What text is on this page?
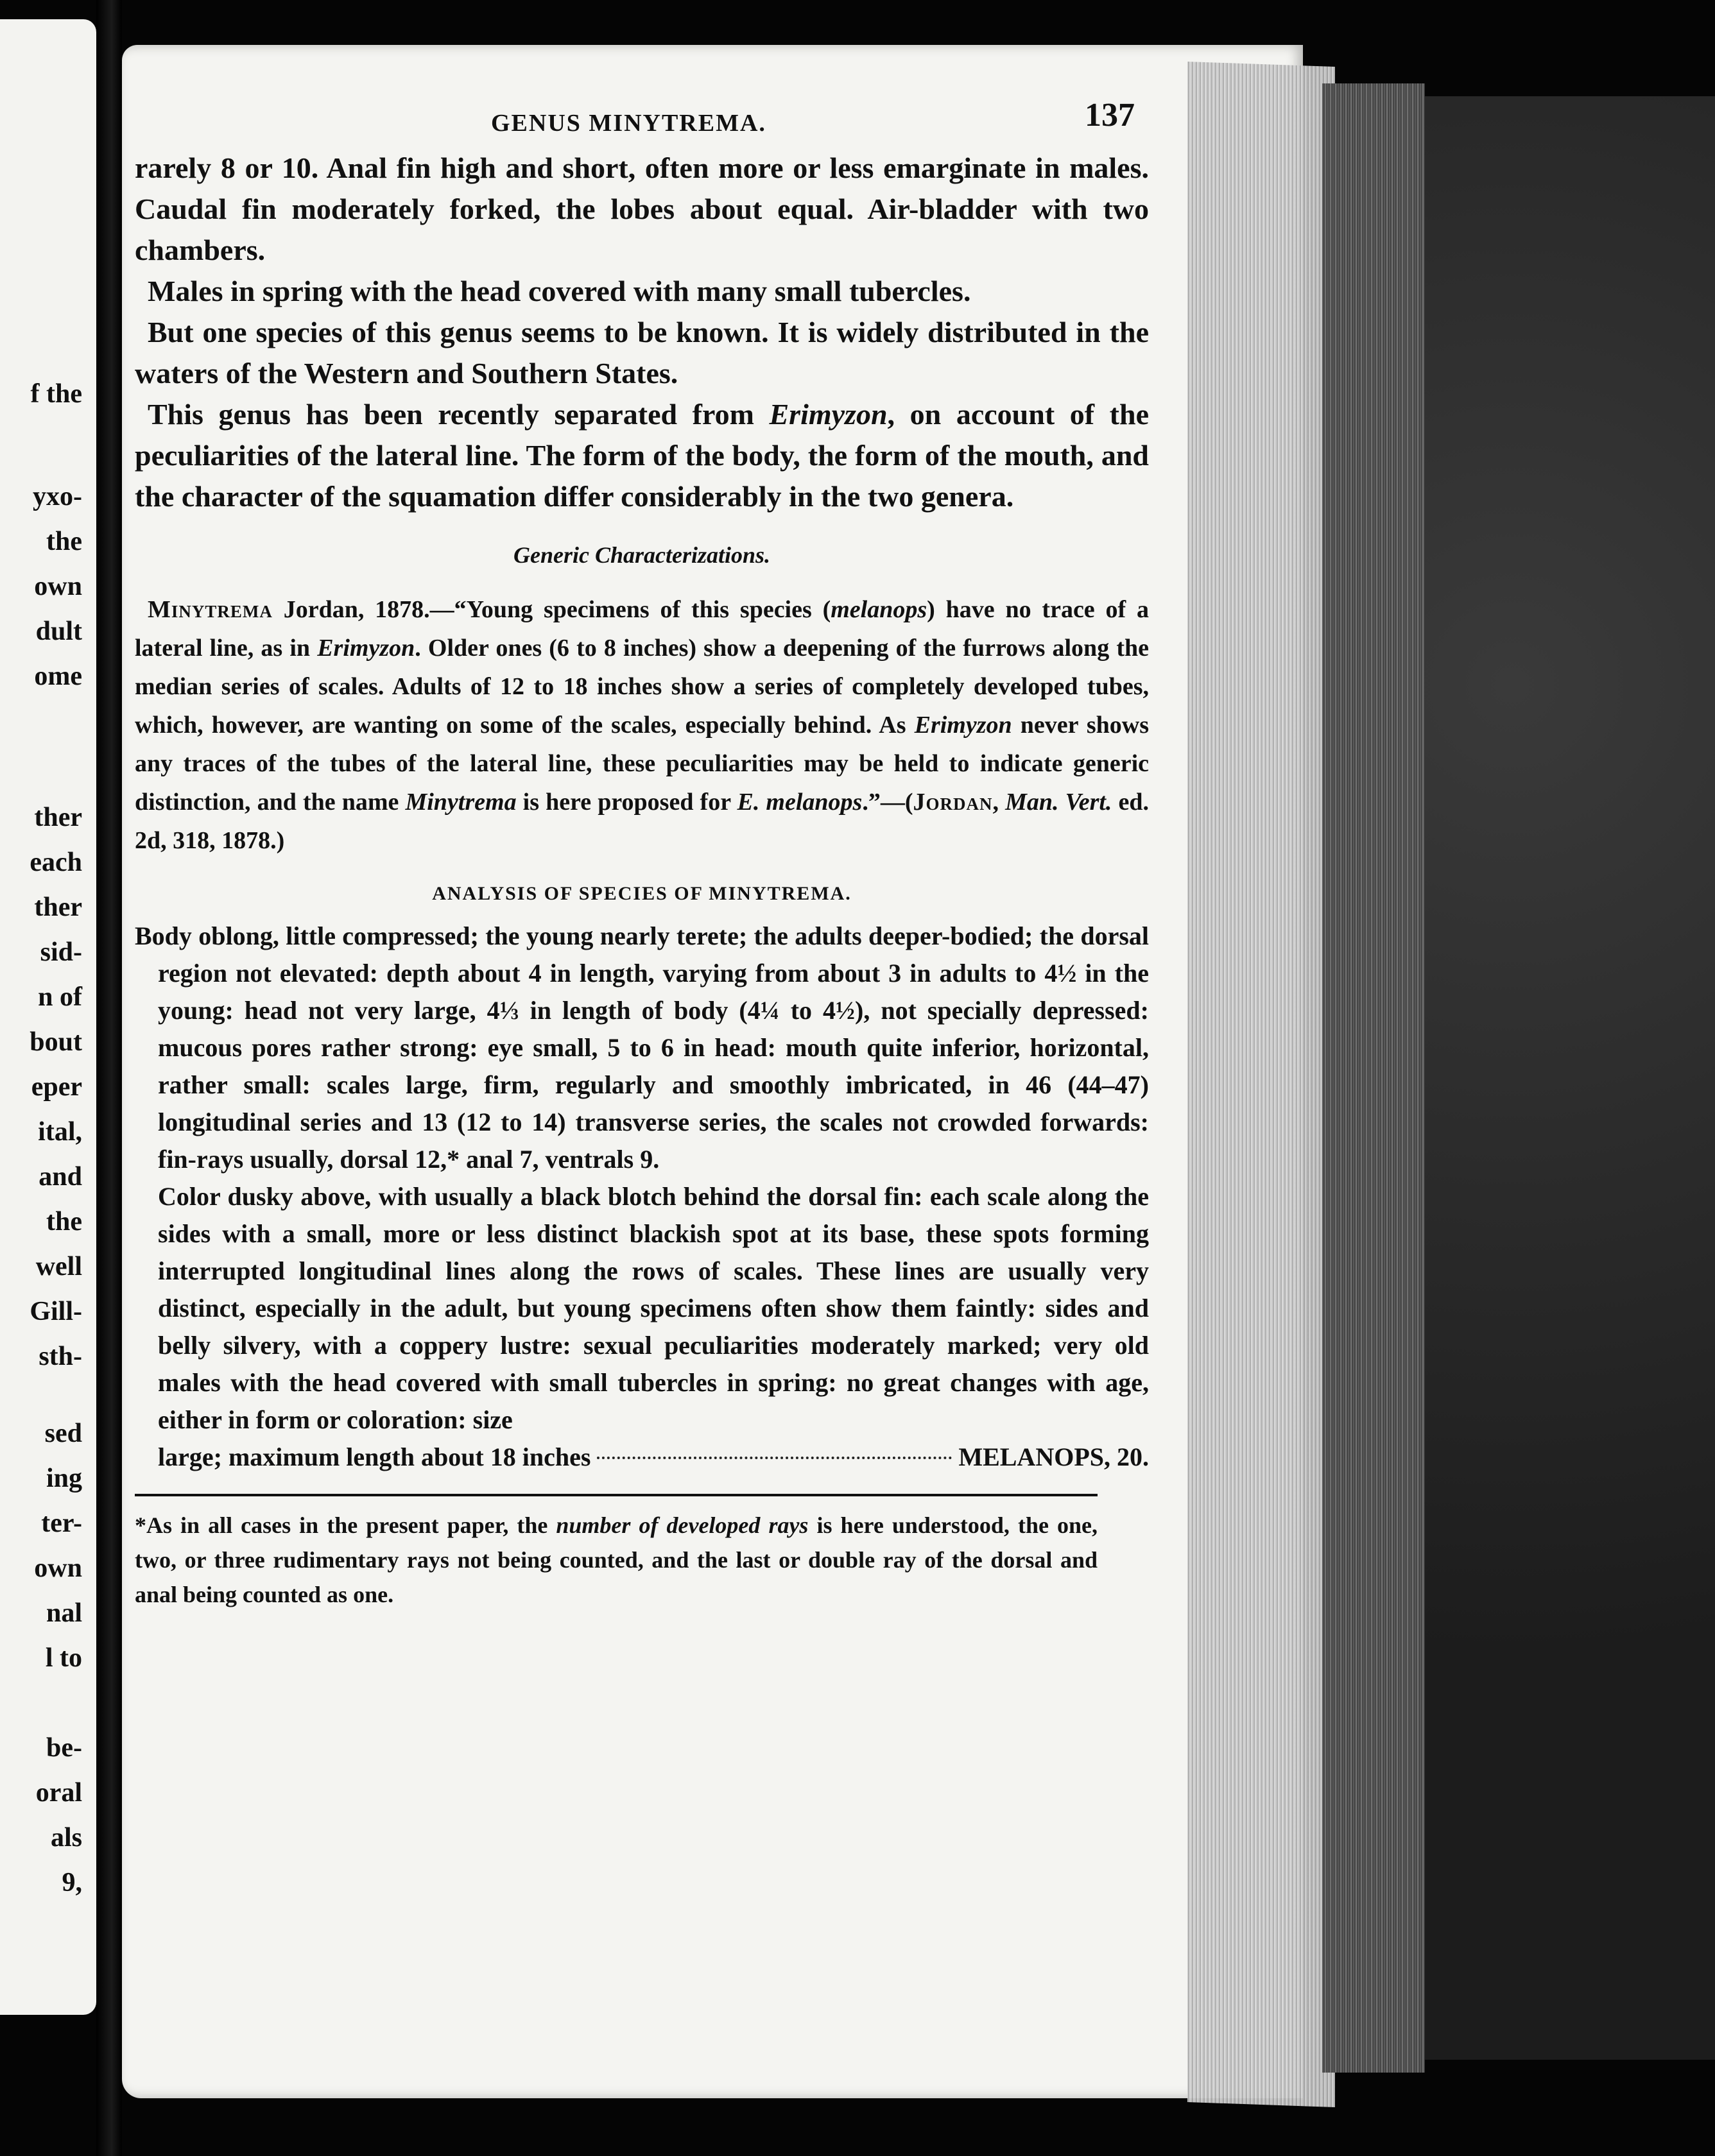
f the
yxo-
the
own
dult
ome
ther
each
ther
sid-
n of
bout
eper
ital,
and
the
well
Gill-
sth-
sed
ing
ter-
own
nal
l to
be-
oral
als
9,
GENUS MINYTREMA.	137

rarely 8 or 10. Anal fin high and short, often more or less emarginate in males. Caudal fin moderately forked, the lobes about equal. Air-bladder with two chambers.

Males in spring with the head covered with many small tubercles.

But one species of this genus seems to be known. It is widely distributed in the waters of the Western and Southern States.

This genus has been recently separated from Erimyzon, on account of the peculiarities of the lateral line. The form of the body, the form of the mouth, and the character of the squamation differ considerably in the two genera.

Generic Characterizations.

Minytrema Jordan, 1878.—“Young specimens of this species (melanops) have no trace of a lateral line, as in Erimyzon. Older ones (6 to 8 inches) show a deepening of the furrows along the median series of scales. Adults of 12 to 18 inches show a series of completely developed tubes, which, however, are wanting on some of the scales, especially behind. As Erimyzon never shows any traces of the tubes of the lateral line, these peculiarities may be held to indicate generic distinction, and the name Minytrema is here proposed for E. melanops.”—(Jordan, Man. Vert. ed. 2d, 318, 1878.)

ANALYSIS OF SPECIES OF MINYTREMA.

Body oblong, little compressed; the young nearly terete; the adults deeper-bodied; the dorsal region not elevated: depth about 4 in length, varying from about 3 in adults to 4½ in the young: head not very large, 4⅓ in length of body (4¼ to 4½), not specially depressed: mucous pores rather strong: eye small, 5 to 6 in head: mouth quite inferior, horizontal, rather small: scales large, firm, regularly and smoothly imbricated, in 46 (44–47) longitudinal series and 13 (12 to 14) transverse series, the scales not crowded forwards: fin-rays usually, dorsal 12,* anal 7, ventrals 9.

Color dusky above, with usually a black blotch behind the dorsal fin: each scale along the sides with a small, more or less distinct blackish spot at its base, these spots forming interrupted longitudinal lines along the rows of scales. These lines are usually very distinct, especially in the adult, but young specimens often show them faintly: sides and belly silvery, with a coppery lustre: sexual peculiarities moderately marked; very old males with the head covered with small tubercles in spring: no great changes with age, either in form or coloration: size

large; maximum length about 18 inches	MELANOPS, 20.

*As in all cases in the present paper, the number of developed rays is here understood, the one, two, or three rudimentary rays not being counted, and the last or double ray of the dorsal and anal being counted as one.
